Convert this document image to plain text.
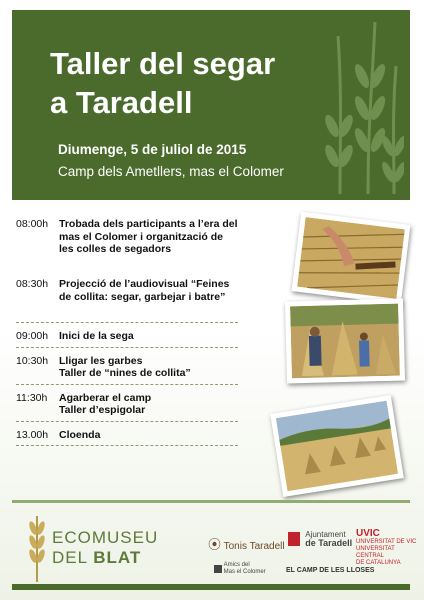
Taller del segar
a Taradell
Diumenge, 5 de juliol de 2015
Camp dels Ametllers, mas el Colomer
08:00h Trobada dels participants a l’era del mas el Colomer i organització de les colles de segadors
08:30h Projecció de l’audiovisual “Feines de collita: segar, garbejar i batre”
09:00h Inici de la sega
10:30h Lligar les garbes
Taller de “nines de collita”
11:30h Agarberar el camp
Taller d’espigolar
13.00h Cloenda
ECOMUSEU
DEL BLAT
⦿ Tonis Taradell

Ajuntament
de Taradell
UVIC
UNIVERSITAT DE VIC
UNIVERSITAT CENTRAL
DE CATALUNYA

Amics del
Mas el Colomer	EL CAMP DE LES LLOSES
